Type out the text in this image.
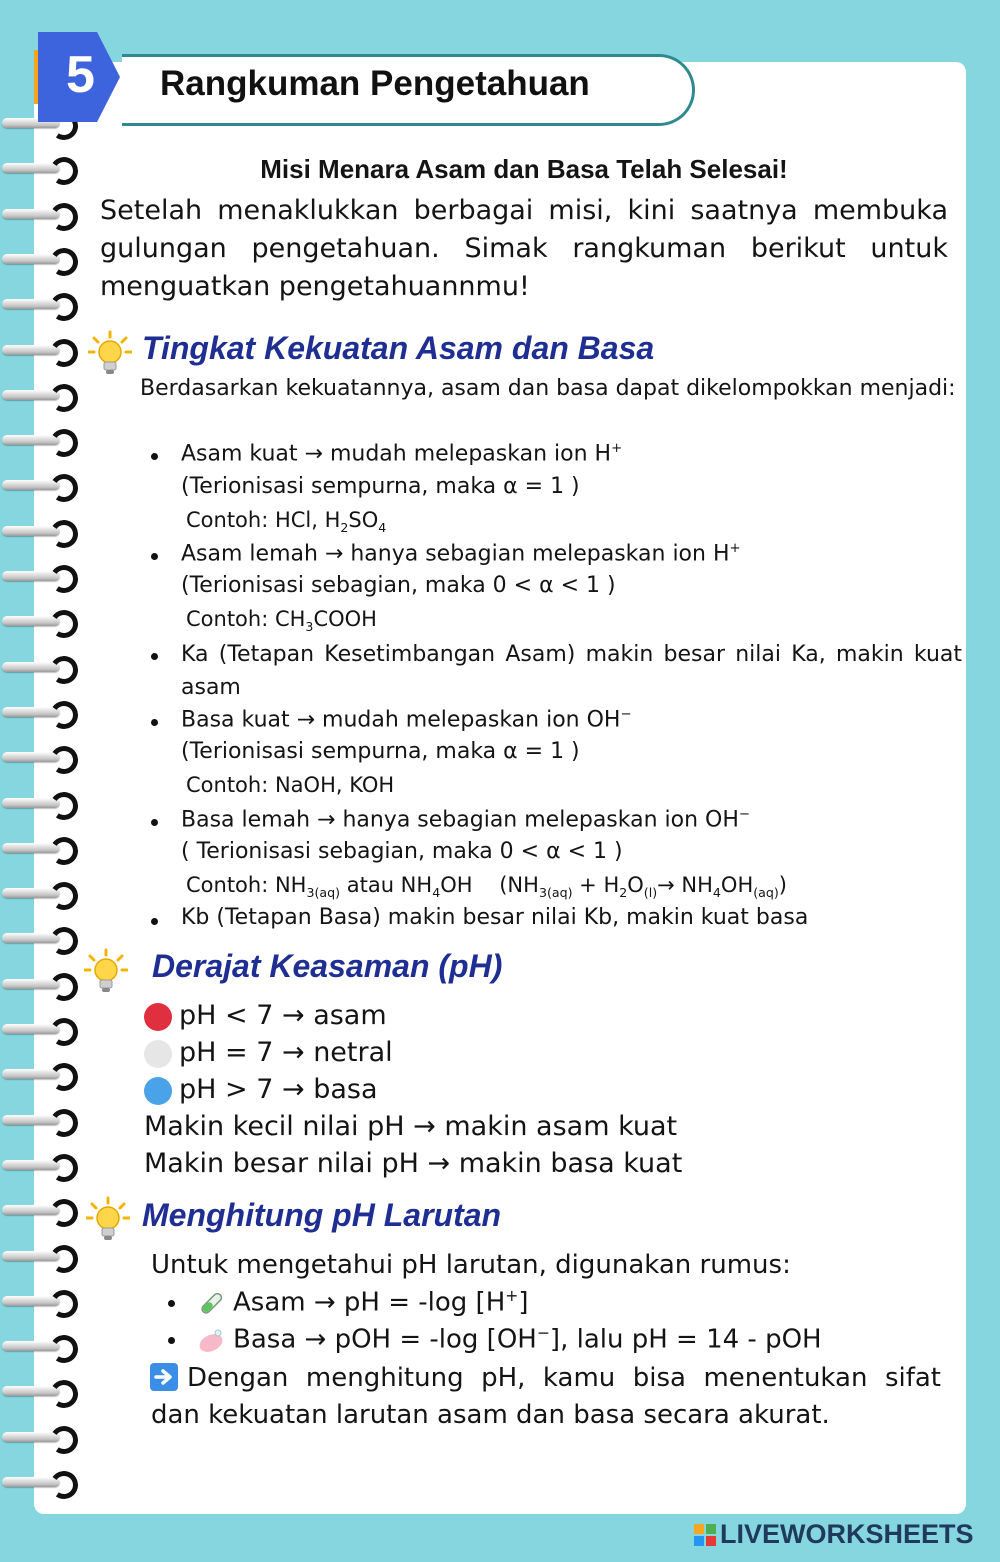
5 Rangkuman Pengetahuan
Misi Menara Asam dan Basa Telah Selesai!
Setelah menaklukkan berbagai misi, kini saatnya membuka gulungan pengetahuan. Simak rangkuman berikut untuk menguatkan pengetahuannmu!
Tingkat Kekuatan Asam dan Basa
Berdasarkan kekuatannya, asam dan basa dapat dikelompokkan menjadi:
Asam kuat → mudah melepaskan ion H+
(Terionisasi sempurna, maka α = 1 )
Contoh: HCl, $H_2SO_4$
Asam lemah → hanya sebagian melepaskan ion H+
(Terionisasi sebagian, maka 0 < α < 1 )
Contoh: $CH_3COOH$
Ka (Tetapan Kesetimbangan Asam) makin besar nilai Ka, makin kuat asam
Basa kuat → mudah melepaskan ion OH−
(Terionisasi sempurna, maka α = 1 )
Contoh: NaOH, KOH
Basa lemah → hanya sebagian melepaskan ion OH−
( Terionisasi sebagian, maka 0 < α < 1 )
Contoh: $NH_{3(aq)}$ atau $NH_4OH$    $(NH_{3(aq)} + H_2O_{(l)}\to NH_4OH_{(aq)})$
Kb (Tetapan Basa) makin besar nilai Kb, makin kuat basa
Derajat Keasaman (pH)
pH < 7 → asam
pH = 7 → netral
pH > 7 → basa
Makin kecil nilai pH → makin asam kuat
Makin besar nilai pH → makin basa kuat
Menghitung pH Larutan
Untuk mengetahui pH larutan, digunakan rumus:
Asam → pH = -log [H+]
Basa → pOH = -log [OH−], lalu pH = 14 - pOH
Dengan menghitung pH, kamu bisa menentukan sifat dan kekuatan larutan asam dan basa secara akurat.
LIVEWORKSHEETS
